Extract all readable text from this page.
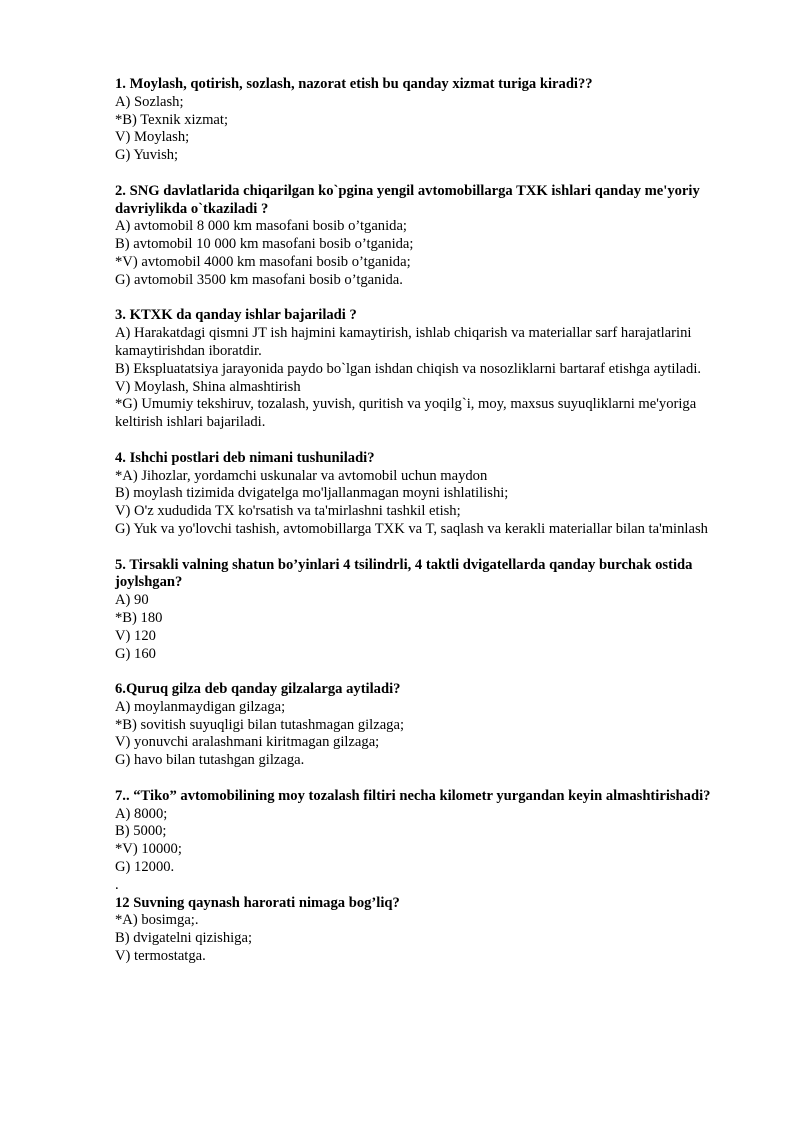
1. Moylash, qotirish, sozlash, nazorat etish bu qanday xizmat turiga kiradi??

A) Sozlash;

*B) Texnik xizmat;

V) Moylash;

G) Yuvish;

2. SNG davlatlarida chiqarilgan ko`pgina yengil avtomobillarga TXK ishlari qanday me'yoriy davriylikda o`tkaziladi ?

A) avtomobil 8 000 km masofani bosib o’tganida;

B) avtomobil 10 000 km masofani bosib o’tganida;

*V) avtomobil 4000 km masofani bosib o’tganida;

G) avtomobil 3500 km masofani bosib o’tganida.

3. KTXK da qanday ishlar bajariladi ?

A) Harakatdagi qismni JT ish hajmini kamaytirish, ishlab chiqarish va materiallar sarf harajatlarini kamaytirishdan iboratdir.

B) Ekspluatatsiya jarayonida paydo bo`lgan ishdan chiqish va nosozliklarni bartaraf etishga aytiladi.

V) Moylash, Shina almashtirish

*G) Umumiy tekshiruv, tozalash, yuvish, quritish va yoqilg`i, moy, maxsus suyuqliklarni me'yoriga keltirish ishlari bajariladi.

4. Ishchi postlari deb nimani tushuniladi?

*A) Jihozlar, yordamchi uskunalar va avtomobil uchun maydon

B) moylash tizimida dvigatelga mo'ljallanmagan moyni ishlatilishi;

V) O'z xududida TX ko'rsatish va ta'mirlashni tashkil etish;

G) Yuk va yo'lovchi tashish, avtomobillarga TXK va T, saqlash va kerakli materiallar bilan ta'minlash

5. Tirsakli valning shatun bo’yinlari 4 tsilindrli, 4 taktli dvigatellarda qanday burchak ostida joylshgan?

A) 90

*B) 180

V) 120

G) 160

6.Quruq gilza deb qanday gilzalarga aytiladi?

A) moylanmaydigan gilzaga;

*B) sovitish suyuqligi bilan tutashmagan gilzaga;

V) yonuvchi aralashmani kiritmagan gilzaga;

G) havo bilan tutashgan gilzaga.

7.. “Tiko” avtomobilining moy tozalash filtiri necha kilometr yurgandan keyin almashtirishadi?

A) 8000;

B) 5000;

*V) 10000;

G) 12000.

.

12 Suvning qaynash harorati nimaga bog’liq?

*A) bosimga;.

B) dvigatelni qizishiga;

V) termostatga.
